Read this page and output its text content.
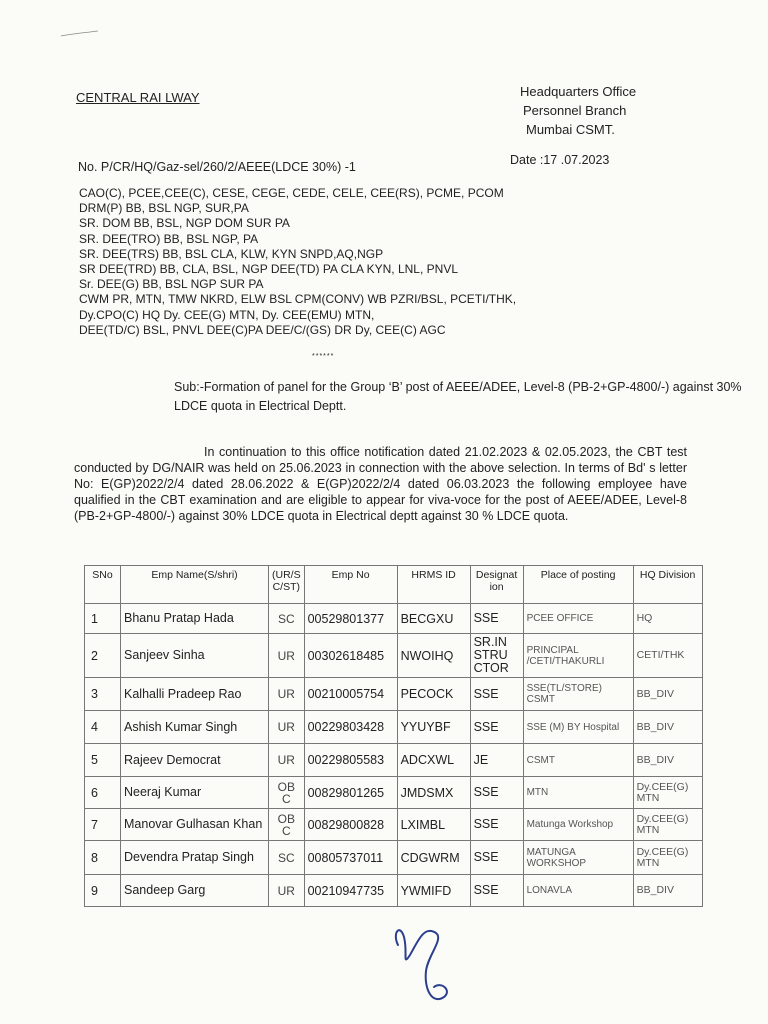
CENTRAL RAI LWAY	Headquarters Office
Personnel Branch
Mumbai CSMT.
No. P/CR/HQ/Gaz-sel/260/2/AEEE(LDCE 30%) -1	Date :17 .07.2023
CAO(C), PCEE,CEE(C), CESE, CEGE, CEDE, CELE, CEE(RS), PCME, PCOM
DRM(P) BB, BSL NGP, SUR,PA
SR. DOM BB, BSL, NGP DOM SUR PA
SR. DEE(TRO) BB, BSL NGP, PA
SR. DEE(TRS) BB, BSL CLA, KLW, KYN SNPD,AQ,NGP
SR DEE(TRD) BB, CLA, BSL, NGP DEE(TD) PA CLA KYN, LNL, PNVL
Sr. DEE(G) BB, BSL NGP SUR PA
CWM PR, MTN, TMW NKRD, ELW BSL CPM(CONV) WB PZRI/BSL, PCETI/THK,
Dy.CPO(C) HQ Dy. CEE(G) MTN, Dy. CEE(EMU) MTN,
DEE(TD/C) BSL, PNVL DEE(C)PA DEE/C/(GS) DR Dy, CEE(C) AGC
******
Sub:-Formation of panel for the Group ‘B’ post of AEEE/ADEE, Level-8 (PB-2+GP-4800/-) against 30% LDCE quota in Electrical Deptt.
In continuation to this office notification dated 21.02.2023 & 02.05.2023, the CBT test conducted by DG/NAIR was held on 25.06.2023 in connection with the above selection. In terms of Bd' s letter No: E(GP)2022/2/4 dated 28.06.2022 & E(GP)2022/2/4 dated 06.03.2023 the following employee have qualified in the CBT examination and are eligible to appear for viva-voce for the post of AEEE/ADEE, Level-8 (PB-2+GP-4800/-) against 30% LDCE quota in Electrical deptt against 30 % LDCE quota.
SNo	Emp Name(S/shri)	(UR/S C/ST)	Emp No	HRMS ID	Designat ion	Place of posting	HQ Division
1	Bhanu Pratap Hada	SC	00529801377	BECGXU	SSE	PCEE OFFICE	HQ
2	Sanjeev Sinha	UR	00302618485	NWOIHQ	SR.IN STRU CTOR	PRINCIPAL /CETI/THAKURLI	CETI/THK
3	Kalhalli Pradeep Rao	UR	00210005754	PECOCK	SSE	SSE(TL/STORE) CSMT	BB_DIV
4	Ashish Kumar Singh	UR	00229803428	YYUYBF	SSE	SSE (M) BY Hospital	BB_DIV
5	Rajeev Democrat	UR	00229805583	ADCXWL	JE	CSMT	BB_DIV
6	Neeraj Kumar	OB C	00829801265	JMDSMX	SSE	MTN	Dy.CEE(G) MTN
7	Manovar Gulhasan Khan	OB C	00829800828	LXIMBL	SSE	Matunga Workshop	Dy.CEE(G) MTN
8	Devendra Pratap Singh	SC	00805737011	CDGWRM	SSE	MATUNGA WORKSHOP	Dy.CEE(G) MTN
9	Sandeep Garg	UR	00210947735	YWMIFD	SSE	LONAVLA	BB_DIV
